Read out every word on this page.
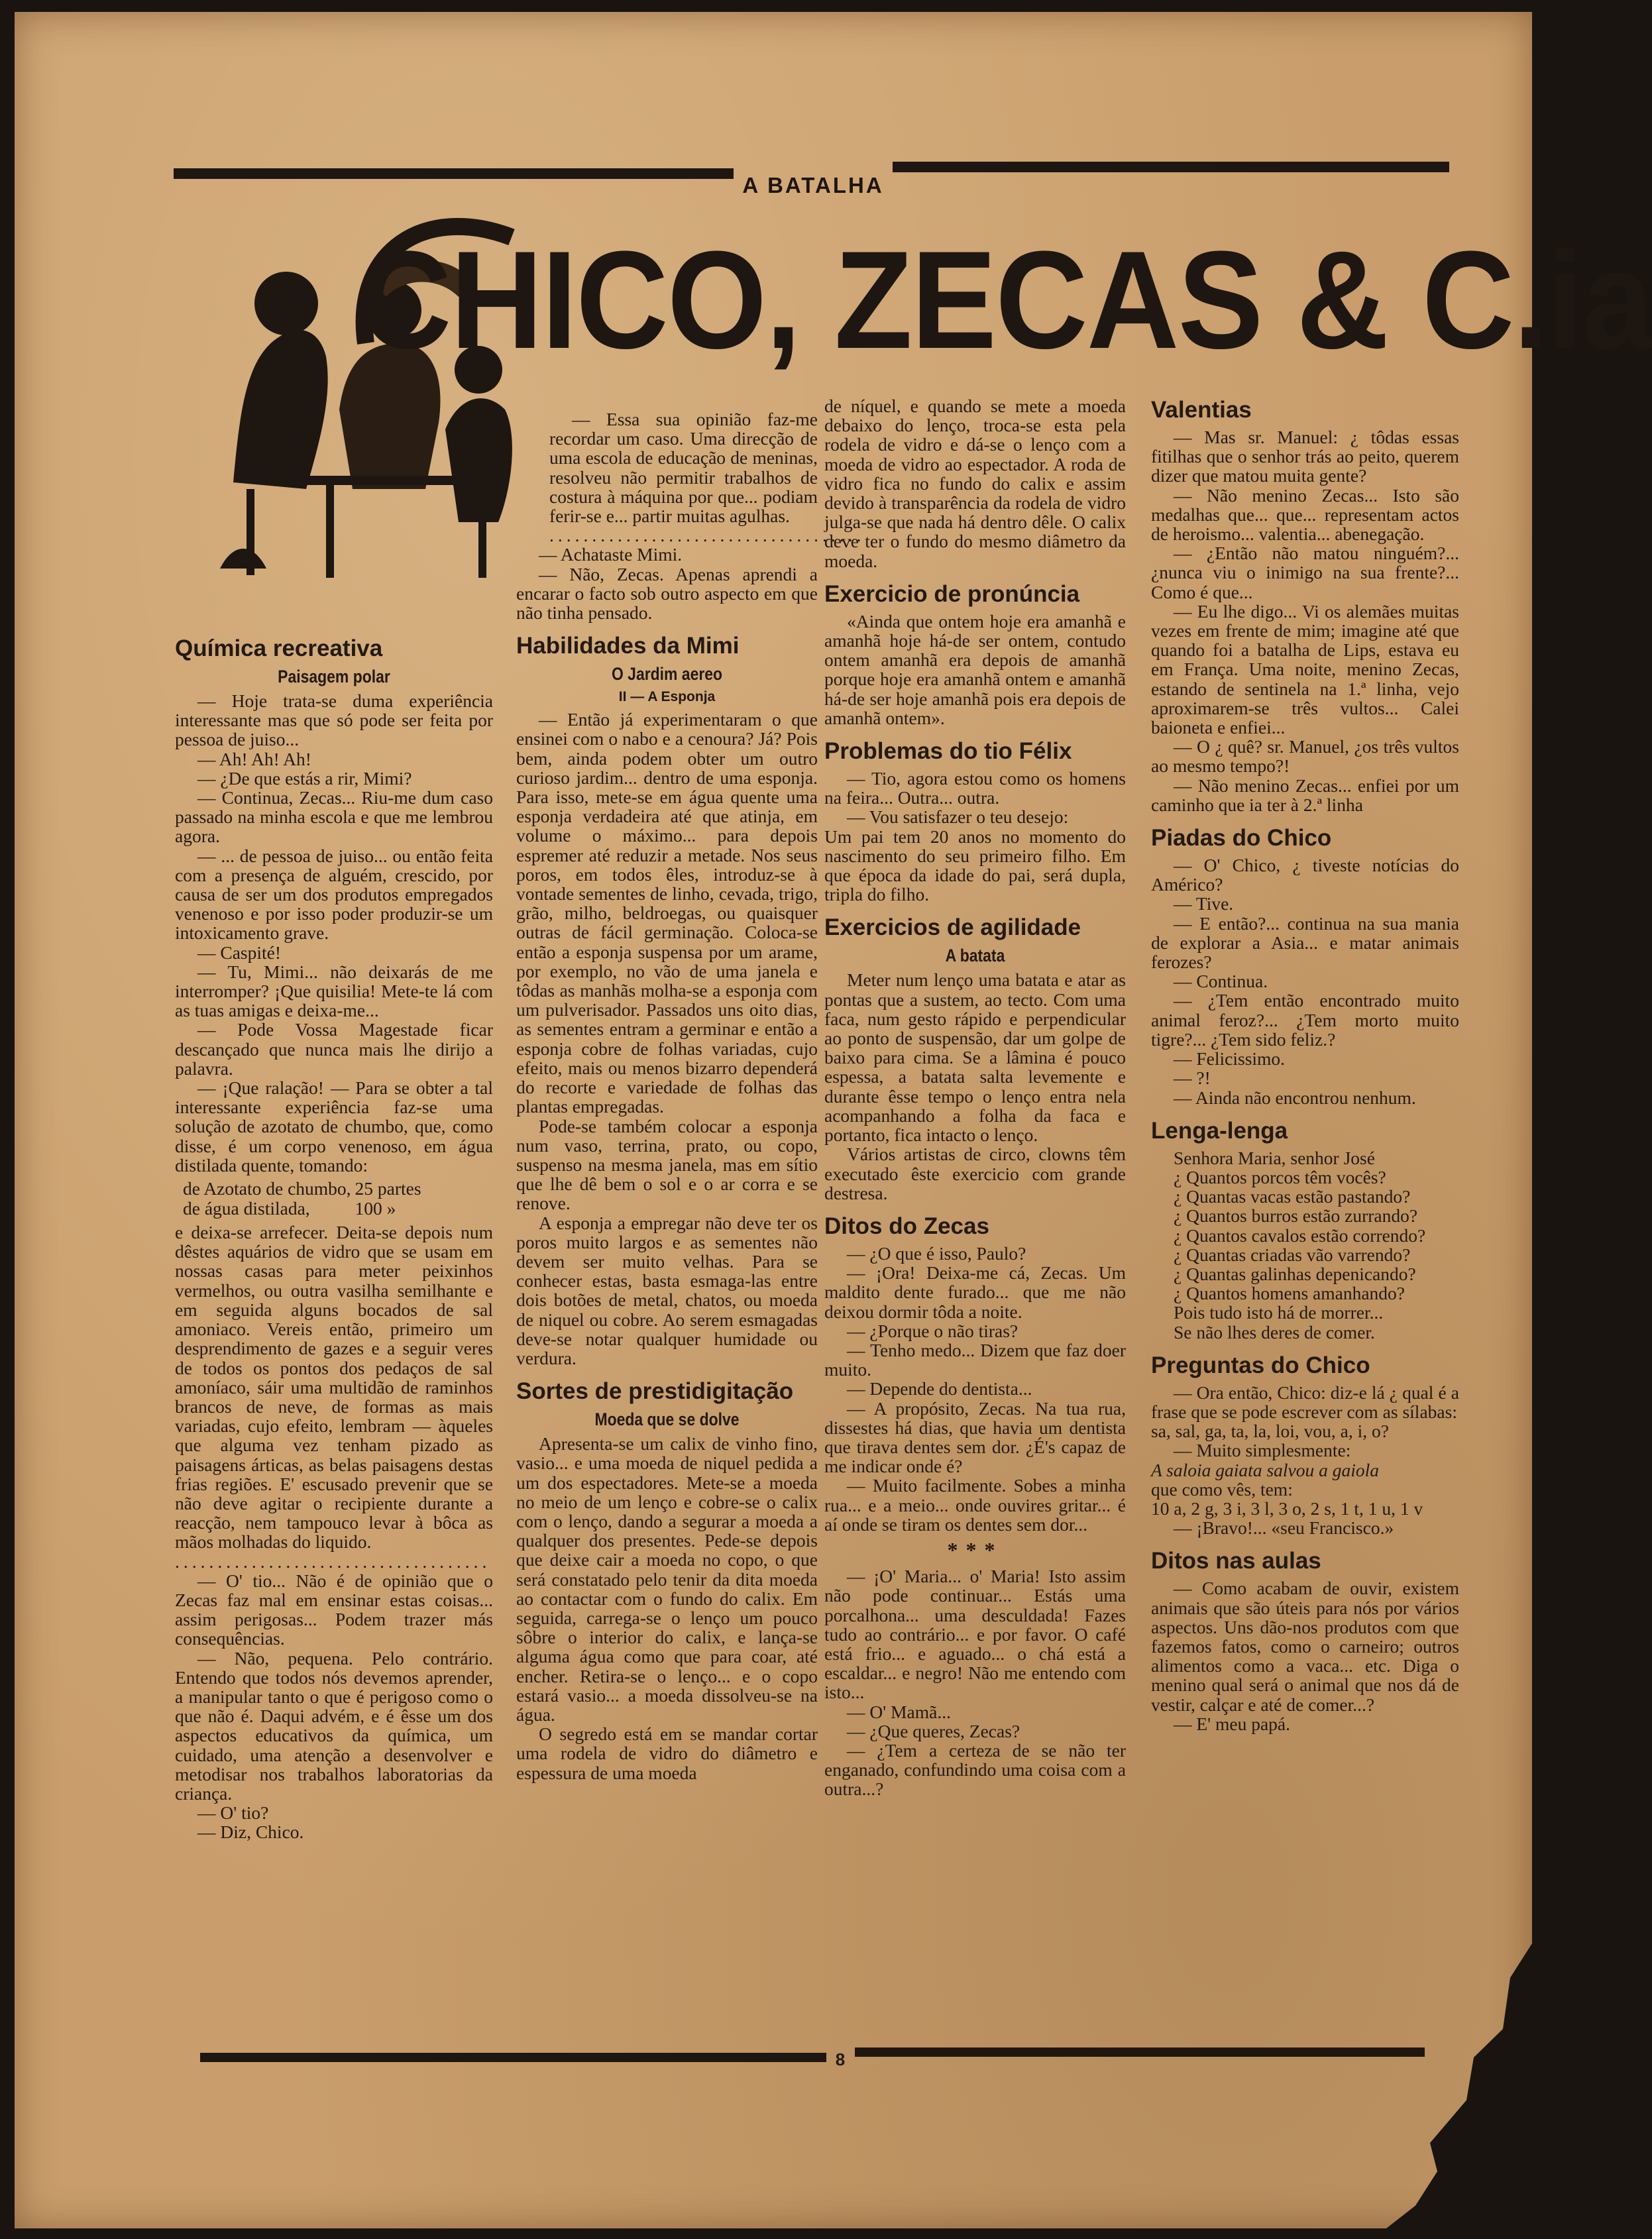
A BATALHA
CHICO, ZECAS & C.ia
Química recreativa
Paisagem polar

— Hoje trata-se duma experiência interessante mas que só pode ser feita por pessoa de juiso...

— Ah! Ah! Ah!

— ¿De que estás a rir, Mimi?

— Continua, Zecas... Riu-me dum caso passado na minha escola e que me lembrou agora.

— ... de pessoa de juiso... ou então feita com a presença de alguém, crescido, por causa de ser um dos produtos empregados venenoso e por isso poder produzir-se um intoxicamento grave.

— Caspité!

— Tu, Mimi... não deixarás de me interromper? ¡Que quisilia! Mete-te lá com as tuas amigas e deixa-me...

— Pode Vossa Magestade ficar descançado que nunca mais lhe dirijo a palavra.

— ¡Que ralação! — Para se obter a tal interessante experiência faz-se uma solução de azotato de chumbo, que, como disse, é um corpo venenoso, em água distilada quente, tomando:

de Azotato de chumbo,	25 partes
de água distilada,	100 »

e deixa-se arrefecer. Deita-se depois num dêstes aquários de vidro que se usam em nossas casas para meter peixinhos vermelhos, ou outra vasilha semilhante e em seguida alguns bocados de sal amoniaco. Vereis então, primeiro um desprendimento de gazes e a seguir veres de todos os pontos dos pedaços de sal amoníaco, sáir uma multidão de raminhos brancos de neve, de formas as mais variadas, cujo efeito, lembram — àqueles que alguma vez tenham pizado as paisagens árticas, as belas paisagens destas frias regiões. E' escusado prevenir que se não deve agitar o recipiente durante a reacção, nem tampouco levar à bôca as mãos molhadas do liquido.

.....................................

— O' tio... Não é de opinião que o Zecas faz mal em ensinar estas coisas... assim perigosas... Podem trazer más consequências.

— Não, pequena. Pelo contrário. Entendo que todos nós devemos aprender, a manipular tanto o que é perigoso como o que não é. Daqui advém, e é êsse um dos aspectos educativos da química, um cuidado, uma atenção a desenvolver e metodisar nos trabalhos laboratorias da criança.

— O' tio?

— Diz, Chico.

— Essa sua opinião faz-me recordar um caso. Uma direcção de uma escola de educação de meninas, resolveu não permitir trabalhos de costura à máquina por que... podiam ferir-se e... partir muitas agulhas.

.....................................

— Achataste Mimi.

— Não, Zecas. Apenas aprendi a encarar o facto sob outro aspecto em que não tinha pensado.

Habilidades da Mimi
O Jardim aereo
II — A Esponja

— Então já experimentaram o que ensinei com o nabo e a cenoura? Já? Pois bem, ainda podem obter um outro curioso jardim... dentro de uma esponja. Para isso, mete-se em água quente uma esponja verdadeira até que atinja, em volume o máximo... para depois espremer até reduzir a metade. Nos seus poros, em todos êles, introduz-se à vontade sementes de linho, cevada, trigo, grão, milho, beldroegas, ou quaisquer outras de fácil germinação. Coloca-se então a esponja suspensa por um arame, por exemplo, no vão de uma janela e tôdas as manhãs molha-se a esponja com um pulverisador. Passados uns oito dias, as sementes entram a germinar e então a esponja cobre de folhas variadas, cujo efeito, mais ou menos bizarro dependerá do recorte e variedade de folhas das plantas empregadas.

Pode-se também colocar a esponja num vaso, terrina, prato, ou copo, suspenso na mesma janela, mas em sítio que lhe dê bem o sol e o ar corra e se renove.

A esponja a empregar não deve ter os poros muito largos e as sementes não devem ser muito velhas. Para se conhecer estas, basta esmaga-las entre dois botões de metal, chatos, ou moeda de niquel ou cobre. Ao serem esmagadas deve-se notar qualquer humidade ou verdura.

Sortes de prestidigitação
Moeda que se dolve

Apresenta-se um calix de vinho fino, vasio... e uma moeda de niquel pedida a um dos espectadores. Mete-se a moeda no meio de um lenço e cobre-se o calix com o lenço, dando a segurar a moeda a qualquer dos presentes. Pede-se depois que deixe cair a moeda no copo, o que será constatado pelo tenir da dita moeda ao contactar com o fundo do calix. Em seguida, carrega-se o lenço um pouco sôbre o interior do calix, e lança-se alguma água como que para coar, até encher. Retira-se o lenço... e o copo estará vasio... a moeda dissolveu-se na água.

O segredo está em se mandar cortar uma rodela de vidro do diâmetro e espessura de uma moeda

de níquel, e quando se mete a moeda debaixo do lenço, troca-se esta pela rodela de vidro e dá-se o lenço com a moeda de vidro ao espectador. A roda de vidro fica no fundo do calix e assim devido à transparência da rodela de vidro julga-se que nada há dentro dêle. O calix deve ter o fundo do mesmo diâmetro da moeda.

Exercicio de pronúncia

«Ainda que ontem hoje era amanhã e amanhã hoje há-de ser ontem, contudo ontem amanhã era depois de amanhã porque hoje era amanhã ontem e amanhã há-de ser hoje amanhã pois era depois de amanhã ontem».

Problemas do tio Félix

— Tio, agora estou como os homens na feira... Outra... outra.

— Vou satisfazer o teu desejo:

Um pai tem 20 anos no momento do nascimento do seu primeiro filho. Em que época da idade do pai, será dupla, tripla do filho.

Exercicios de agilidade
A batata

Meter num lenço uma batata e atar as pontas que a sustem, ao tecto. Com uma faca, num gesto rápido e perpendicular ao ponto de suspensão, dar um golpe de baixo para cima. Se a lâmina é pouco espessa, a batata salta levemente e durante êsse tempo o lenço entra nela acompanhando a folha da faca e portanto, fica intacto o lenço.

Vários artistas de circo, clowns têm executado êste exercicio com grande destresa.

Ditos do Zecas

— ¿O que é isso, Paulo?

— ¡Ora! Deixa-me cá, Zecas. Um maldito dente furado... que me não deixou dormir tôda a noite.

— ¿Porque o não tiras?

— Tenho medo... Dizem que faz doer muito.

— Depende do dentista...

— A propósito, Zecas. Na tua rua, dissestes há dias, que havia um dentista que tirava dentes sem dor. ¿É's capaz de me indicar onde é?

— Muito facilmente. Sobes a minha rua... e a meio... onde ouvires gritar... é aí onde se tiram os dentes sem dor...

***

— ¡O' Maria... o' Maria! Isto assim não pode continuar... Estás uma porcalhona... uma desculdada! Fazes tudo ao contrário... e por favor. O café está frio... e aguado... o chá está a escaldar... e negro! Não me entendo com isto...

— O' Mamã...

— ¿Que queres, Zecas?

— ¿Tem a certeza de se não ter enganado, confundindo uma coisa com a outra...?

Valentias

— Mas sr. Manuel: ¿ tôdas essas fitilhas que o senhor trás ao peito, querem dizer que matou muita gente?

— Não menino Zecas... Isto são medalhas que... que... representam actos de heroismo... valentia... abenegação.

— ¿Então não matou ninguém?... ¿nunca viu o inimigo na sua frente?... Como é que...

— Eu lhe digo... Vi os alemães muitas vezes em frente de mim; imagine até que quando foi a batalha de Lips, estava eu em França. Uma noite, menino Zecas, estando de sentinela na 1.ª linha, vejo aproximarem-se três vultos... Calei baioneta e enfiei...

— O ¿ quê? sr. Manuel, ¿os três vultos ao mesmo tempo?!

— Não menino Zecas... enfiei por um caminho que ia ter à 2.ª linha

Piadas do Chico

— O' Chico, ¿ tiveste notícias do Américo?

— Tive.

— E então?... continua na sua mania de explorar a Asia... e matar animais ferozes?

— Continua.

— ¿Tem então encontrado muito animal feroz?... ¿Tem morto muito tigre?... ¿Tem sido feliz.?

— Felicissimo.

— ?!

— Ainda não encontrou nenhum.

Lenga-lenga

Senhora Maria, senhor José

¿ Quantos porcos têm vocês?

¿ Quantas vacas estão pastando?

¿ Quantos burros estão zurrando?

¿ Quantos cavalos estão correndo?

¿ Quantas criadas vão varrendo?

¿ Quantas galinhas depenicando?

¿ Quantos homens amanhando?

Pois tudo isto há de morrer...

Se não lhes deres de comer.

Preguntas do Chico

— Ora então, Chico: diz-e lá ¿ qual é a frase que se pode escrever com as sílabas:

sa, sal, ga, ta, la, loi, vou, a, i, o?

— Muito simplesmente:

A saloia gaiata salvou a gaiola

que como vês, tem:

10 a, 2 g, 3 i, 3 l, 3 o, 2 s, 1 t, 1 u, 1 v

— ¡Bravo!... «seu Francisco.»

Ditos nas aulas

— Como acabam de ouvir, existem animais que são úteis para nós por vários aspectos. Uns dão-nos produtos com que fazemos fatos, como o carneiro; outros alimentos como a vaca... etc. Diga o menino qual será o animal que nos dá de vestir, calçar e até de comer...?

— E' meu papá.

8
